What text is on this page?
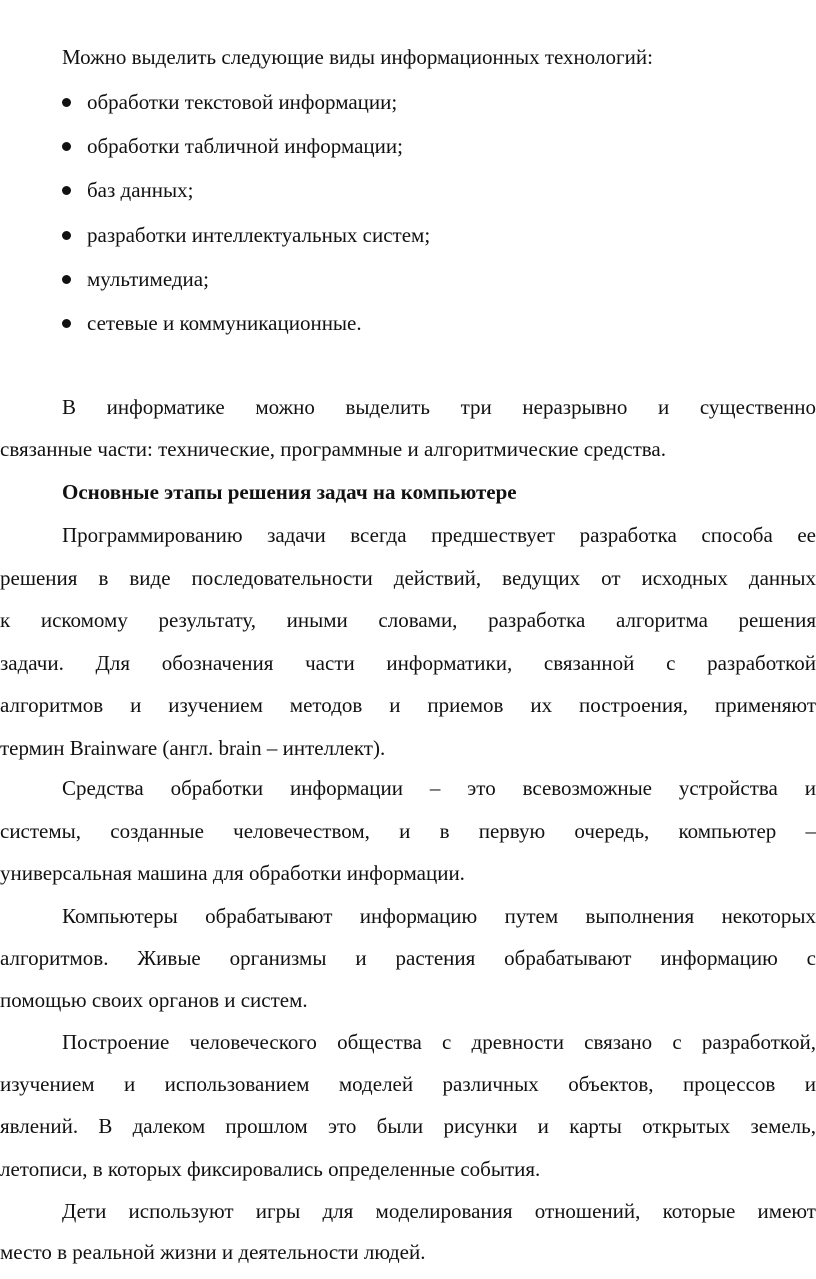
Можно выделить следующие виды информационных технологий:
обработки текстовой информации;
обработки табличной информации;
баз данных;
разработки интеллектуальных систем;
мультимедиа;
сетевые и коммуникационные.
В информатике можно выделить три неразрывно и существенно
связанные части: технические, программные и алгоритмические средства.
Основные этапы решения задач на компьютере
Программированию задачи всегда предшествует разработка способа ее
решения в виде последовательности действий, ведущих от исходных данных
к искомому результату, иными словами, разработка алгоритма решения
задачи. Для обозначения части информатики, связанной с разработкой
алгоритмов и изучением методов и приемов их построения, применяют
термин Brainware (англ. brain – интеллект).
Средства обработки информации – это всевозможные устройства и
системы, созданные человечеством, и в первую очередь, компьютер –
универсальная машина для обработки информации.
Компьютеры обрабатывают информацию путем выполнения некоторых
алгоритмов. Живые организмы и растения обрабатывают информацию с
помощью своих органов и систем.
Построение человеческого общества с древности связано с разработкой,
изучением и использованием моделей различных объектов, процессов и
явлений. В далеком прошлом это были рисунки и карты открытых земель,
летописи, в которых фиксировались определенные события.
Дети используют игры для моделирования отношений, которые имеют
место в реальной жизни и деятельности людей.
